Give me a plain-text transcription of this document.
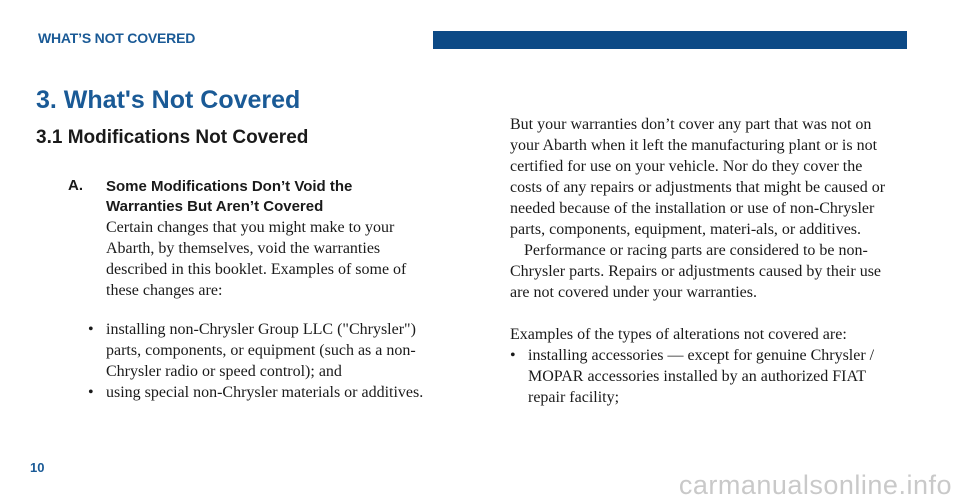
WHAT’S NOT COVERED
3. What's Not Covered
3.1 Modifications Not Covered
A. Some Modifications Don’t Void the
Warranties But Aren’t Covered

Certain changes that you might make to your Abarth, by themselves, void the warranties described in this booklet. Examples of some of these changes are:

• installing non-Chrysler Group LLC ("Chrysler") parts, components, or equipment (such as a non-Chrysler radio or speed control); and
• using special non-Chrysler materials or additives.

But your warranties don’t cover any part that was not on your Abarth when it left the manufacturing plant or is not certified for use on your vehicle. Nor do they cover the costs of any repairs or adjustments that might be caused or needed because of the installation or use of non-Chrysler parts, components, equipment, materi-als, or additives.

Performance or racing parts are considered to be non-Chrysler parts. Repairs or adjustments caused by their use are not covered under your warranties.

Examples of the types of alterations not covered are:

• installing accessories — except for genuine Chrysler / MOPAR accessories installed by an authorized FIAT repair facility;
10
carmanualsonline.info
